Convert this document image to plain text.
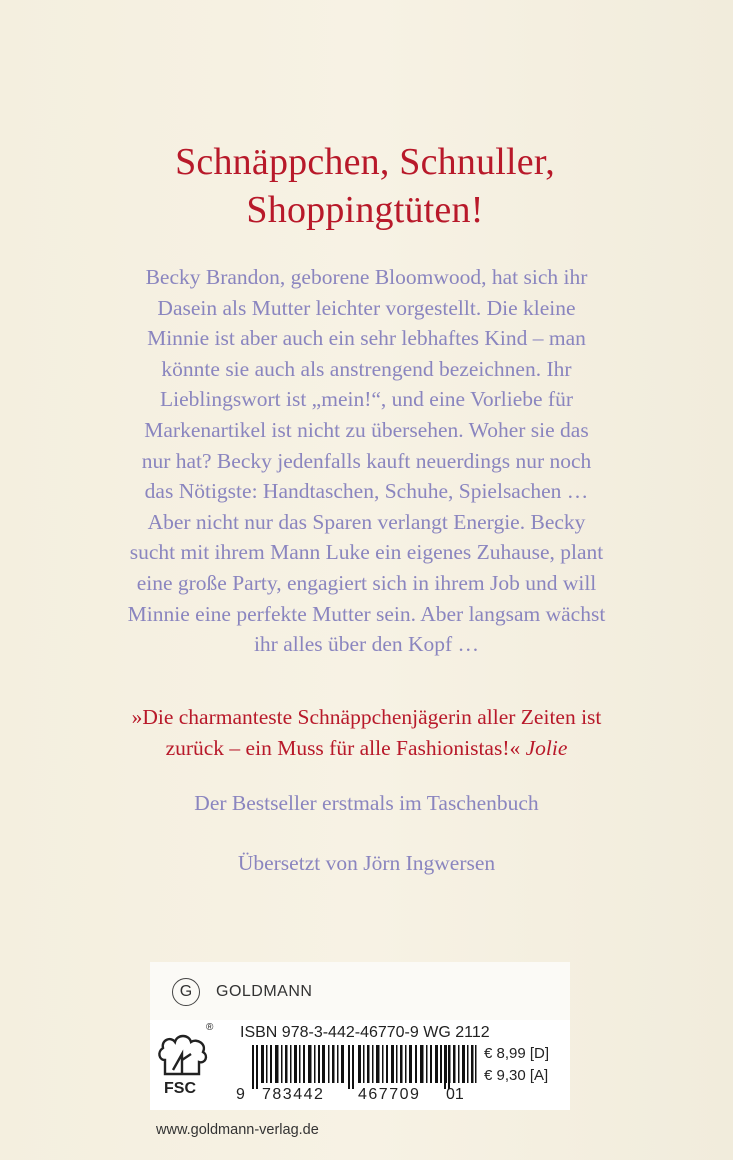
Schnäppchen, Schnuller,
Shoppingtüten!
Becky Brandon, geborene Bloomwood, hat sich ihr
Dasein als Mutter leichter vorgestellt. Die kleine
Minnie ist aber auch ein sehr lebhaftes Kind – man
könnte sie auch als anstrengend bezeichnen. Ihr
Lieblingswort ist „mein!“, und eine Vorliebe für
Markenartikel ist nicht zu übersehen. Woher sie das
nur hat? Becky jedenfalls kauft neuerdings nur noch
das Nötigste: Handtaschen, Schuhe, Spielsachen …
Aber nicht nur das Sparen verlangt Energie. Becky
sucht mit ihrem Mann Luke ein eigenes Zuhause, plant
eine große Party, engagiert sich in ihrem Job und will
Minnie eine perfekte Mutter sein. Aber langsam wächst
ihr alles über den Kopf …
»Die charmanteste Schnäppchenjägerin aller Zeiten ist
zurück – ein Muss für alle Fashionistas!« Jolie
Der Bestseller erstmals im Taschenbuch
Übersetzt von Jörn Ingwersen
G	GOLDMANN
®
FSC
ISBN 978-3-442-46770-9 WG 2112
9 783442 467709 01
€ 8,99 [D]
€ 9,30 [A]
www.goldmann-verlag.de
